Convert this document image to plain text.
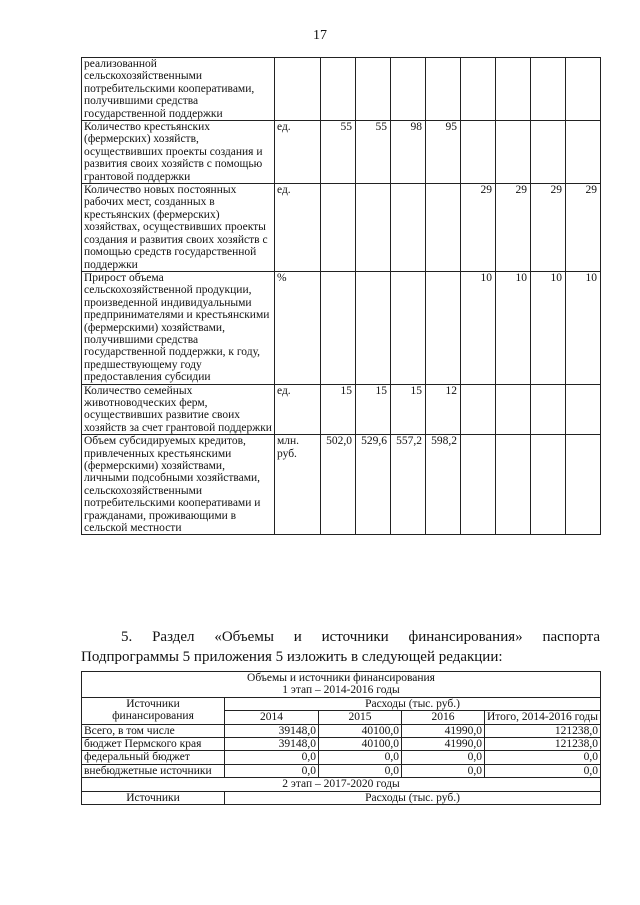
17
реализованной сельскохозяйственными потребительскими кооперативами, получившими средства государственной поддержки									
Количество крестьянских (фермерских) хозяйств, осуществивших проекты создания и развития своих хозяйств с помощью грантовой поддержки	ед.	55	55	98	95				
Количество новых постоянных рабочих мест, созданных в крестьянских (фермерских) хозяйствах, осуществивших проекты создания и развития своих хозяйств с помощью средств государственной поддержки	ед.					29	29	29	29
Прирост объема сельскохозяйственной продукции, произведенной индивидуальными предпринимателями и крестьянскими (фермерскими) хозяйствами, получившими средства государственной поддержки, к году, предшествующему году предоставления субсидии	%					10	10	10	10
Количество семейных животноводческих ферм, осуществивших развитие своих хозяйств за счет грантовой поддержки	ед.	15	15	15	12				
Объем субсидируемых кредитов, привлеченных крестьянскими (фермерскими) хозяйствами, личными подсобными хозяйствами, сельскохозяйственными потребительскими кооперативами и гражданами, проживающими в сельской местности	млн. руб.	502,0	529,6	557,2	598,2				
5. Раздел «Объемы и источники финансирования» паспорта
Подпрограммы 5 приложения 5 изложить в следующей редакции:
Объемы и источники финансирования
1 этап – 2014-2016 годы				

Источники финансирования	Расходы (тыс. руб.)			
	2014	2015	2016	Итого, 2014-2016 годы
Всего, в том числе	39148,0	40100,0	41990,0	121238,0
бюджет Пермского края	39148,0	40100,0	41990,0	121238,0
федеральный бюджет	0,0	0,0	0,0	0,0
внебюджетные источники	0,0	0,0	0,0	0,0
2 этап – 2017-2020 годы				
Источники	Расходы (тыс. руб.)			
